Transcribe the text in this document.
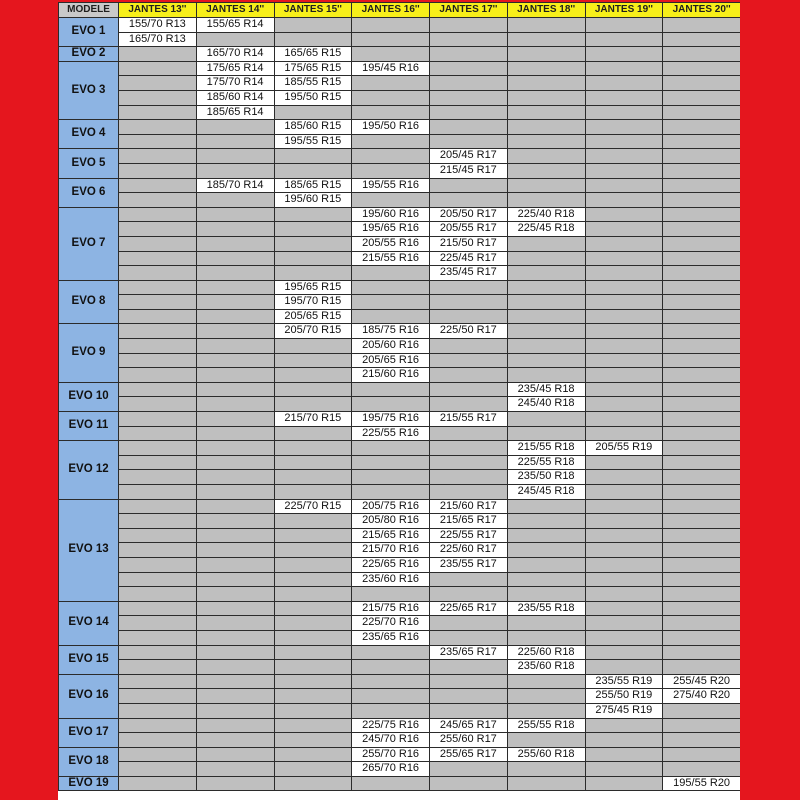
MODELE	JANTES 13''	JANTES 14''	JANTES 15''	JANTES 16''	JANTES 17''	JANTES 18''	JANTES 19''	JANTES 20''
EVO 1	155/70 R13	155/65 R14						
	165/70 R13							
EVO 2		165/70 R14	165/65 R15					
EVO 3		175/65 R14	175/65 R15	195/45 R16				
		175/70 R14	185/55 R15					
		185/60 R14	195/50 R15					
		185/65 R14						
EVO 4			185/60 R15	195/50 R16				
			195/55 R15					
EVO 5					205/45 R17			
					215/45 R17			
EVO 6		185/70 R14	185/65 R15	195/55 R16				
			195/60 R15					
EVO 7				195/60 R16	205/50 R17	225/40 R18		
				195/65 R16	205/55 R17	225/45 R18		
				205/55 R16	215/50 R17			
				215/55 R16	225/45 R17			
					235/45 R17			
EVO 8			195/65 R15					
			195/70 R15					
			205/65 R15					
EVO 9			205/70 R15	185/75 R16	225/50 R17			
				205/60 R16				
				205/65 R16				
				215/60 R16				
EVO 10						235/45 R18		
						245/40 R18		
EVO 11			215/70 R15	195/75 R16	215/55 R17			
				225/55 R16				
EVO 12						215/55 R18	205/55 R19	
						225/55 R18		
						235/50 R18		
						245/45 R18		
EVO 13			225/70 R15	205/75 R16	215/60 R17			
				205/80 R16	215/65 R17			
				215/65 R16	225/55 R17			
				215/70 R16	225/60 R17			
				225/65 R16	235/55 R17			
				235/60 R16				

EVO 14				215/75 R16	225/65 R17	235/55 R18		
				225/70 R16				
				235/65 R16				
EVO 15					235/65 R17	225/60 R18		
						235/60 R18		
EVO 16							235/55 R19	255/45 R20
							255/50 R19	275/40 R20
							275/45 R19	
EVO 17				225/75 R16	245/65 R17	255/55 R18		
				245/70 R16	255/60 R17			
EVO 18				255/70 R16	255/65 R17	255/60 R18		
				265/70 R16				
EVO 19								195/55 R20
